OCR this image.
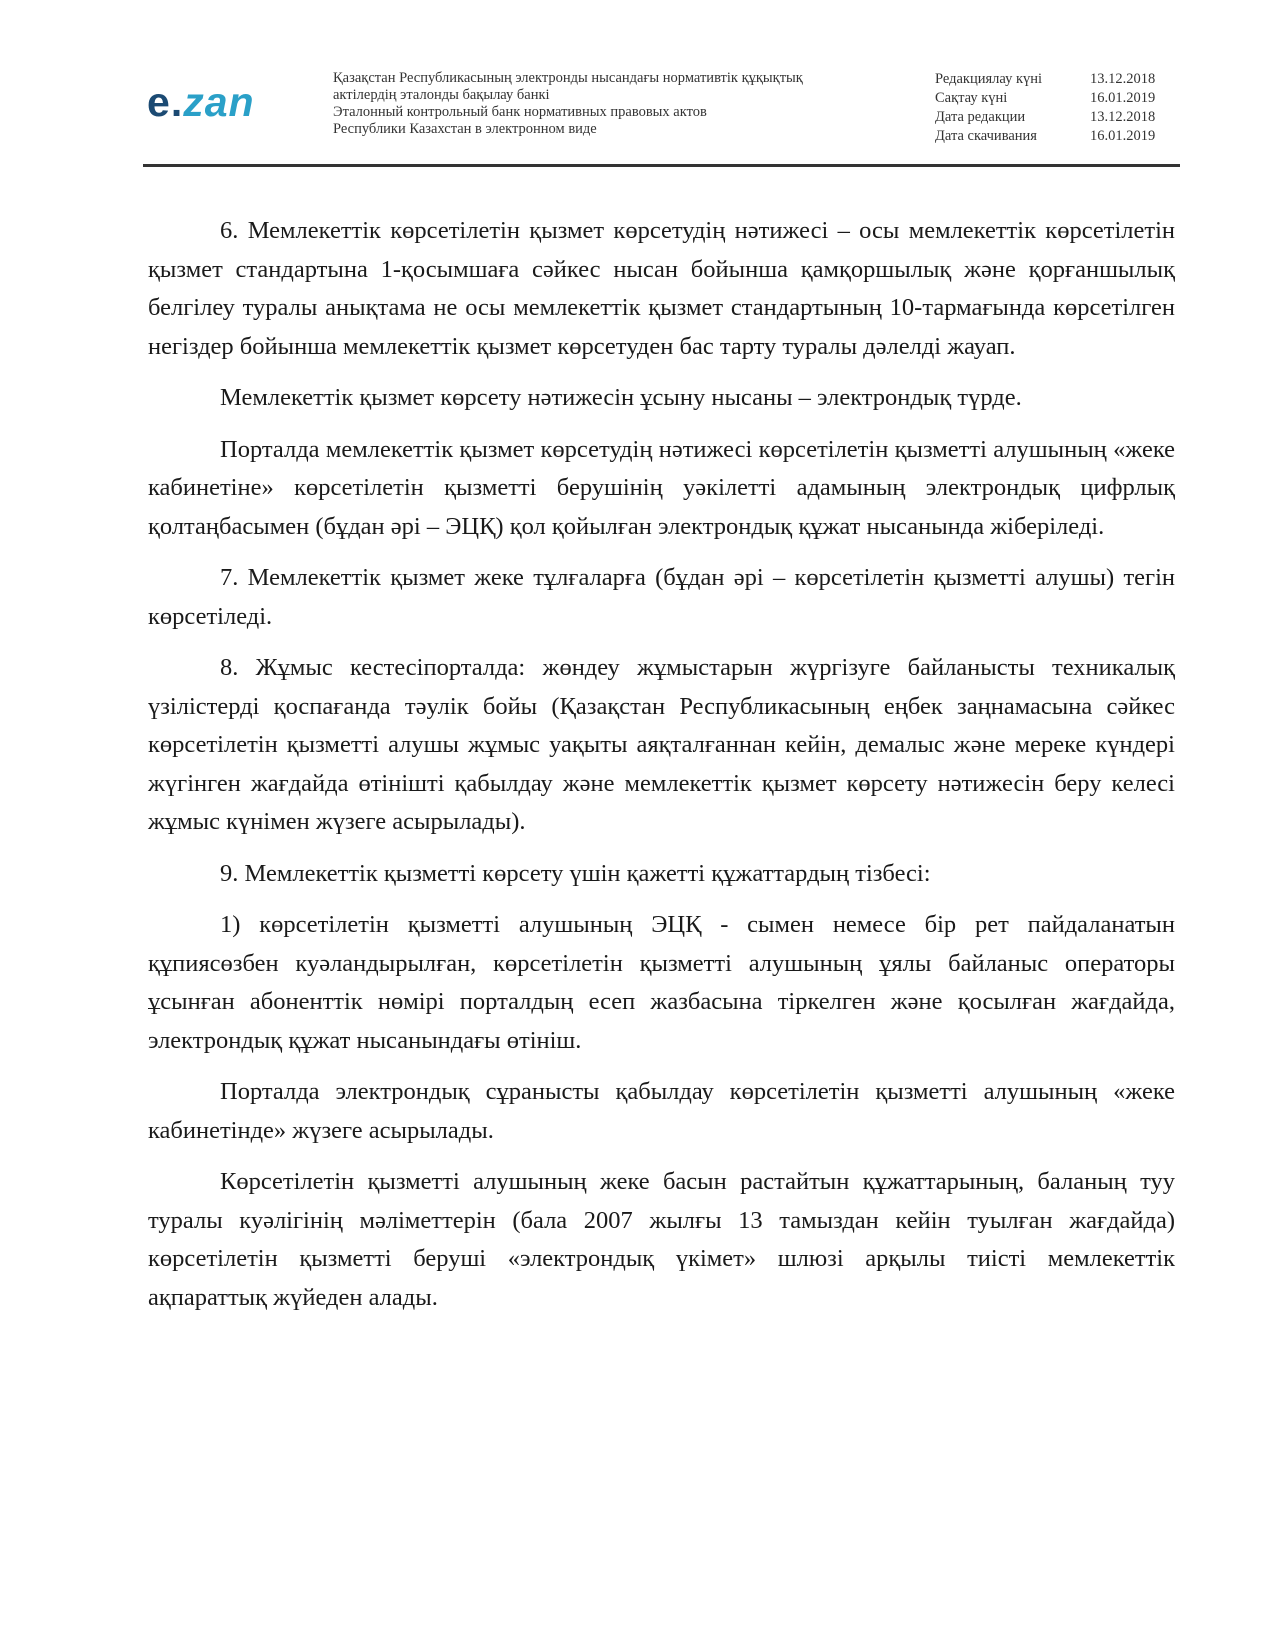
e.zan
Қазақстан Республикасының электронды нысандағы нормативтік құқықтық
актілердің эталонды бақылау банкі
Эталонный контрольный банк нормативных правовых актов
Республики Казахстан в электронном виде
Редакциялау күні	13.12.2018
Сақтау күні	16.01.2019
Дата редакции	13.12.2018
Дата скачивания	16.01.2019

6. Мемлекеттік көрсетілетін қызмет көрсетудің нәтижесі – осы мемлекеттік көрсетілетін қызмет стандартына 1-қосымшаға сәйкес нысан бойынша қамқоршылық және қорғаншылық белгілеу туралы анықтама не осы мемлекеттік қызмет стандартының 10-тармағында көрсетілген негіздер бойынша мемлекеттік қызмет көрсетуден бас тарту туралы дәлелді жауап.

Мемлекеттік қызмет көрсету нәтижесін ұсыну нысаны – электрондық түрде.

Порталда мемлекеттік қызмет көрсетудің нәтижесі көрсетілетін қызметті алушының «жеке кабинетіне» көрсетілетін қызметті берушінің уәкілетті адамының электрондық цифрлық қолтаңбасымен (бұдан әрі – ЭЦҚ) қол қойылған электрондық құжат нысанында жіберіледі.

7. Мемлекеттік қызмет жеке тұлғаларға (бұдан әрі – көрсетілетін қызметті алушы) тегін көрсетіледі.

8. Жұмыс кестесіпорталда: жөндеу жұмыстарын жүргізуге байланысты техникалық үзілістерді қоспағанда тәулік бойы (Қазақстан Республикасының еңбек заңнамасына сәйкес көрсетілетін қызметті алушы жұмыс уақыты аяқталғаннан кейін, демалыс және мереке күндері жүгінген жағдайда өтінішті қабылдау және мемлекеттік қызмет көрсету нәтижесін беру келесі жұмыс күнімен жүзеге асырылады).

9. Мемлекеттік қызметті көрсету үшін қажетті құжаттардың тізбесі:

1) көрсетілетін қызметті алушының ЭЦҚ - сымен немесе бір рет пайдаланатын құпиясөзбен куәландырылған, көрсетілетін қызметті алушының ұялы байланыс операторы ұсынған абоненттік нөмірі порталдың есеп жазбасына тіркелген және қосылған жағдайда, электрондық құжат нысанындағы өтініш.

Порталда электрондық сұранысты қабылдау көрсетілетін қызметті алушының «жеке кабинетінде» жүзеге асырылады.

Көрсетілетін қызметті алушының жеке басын растайтын құжаттарының, баланың туу туралы куәлігінің мәліметтерін (бала 2007 жылғы 13 тамыздан кейін туылған жағдайда) көрсетілетін қызметті беруші «электрондық үкімет» шлюзі арқылы тиісті мемлекеттік ақпараттық жүйеден алады.
